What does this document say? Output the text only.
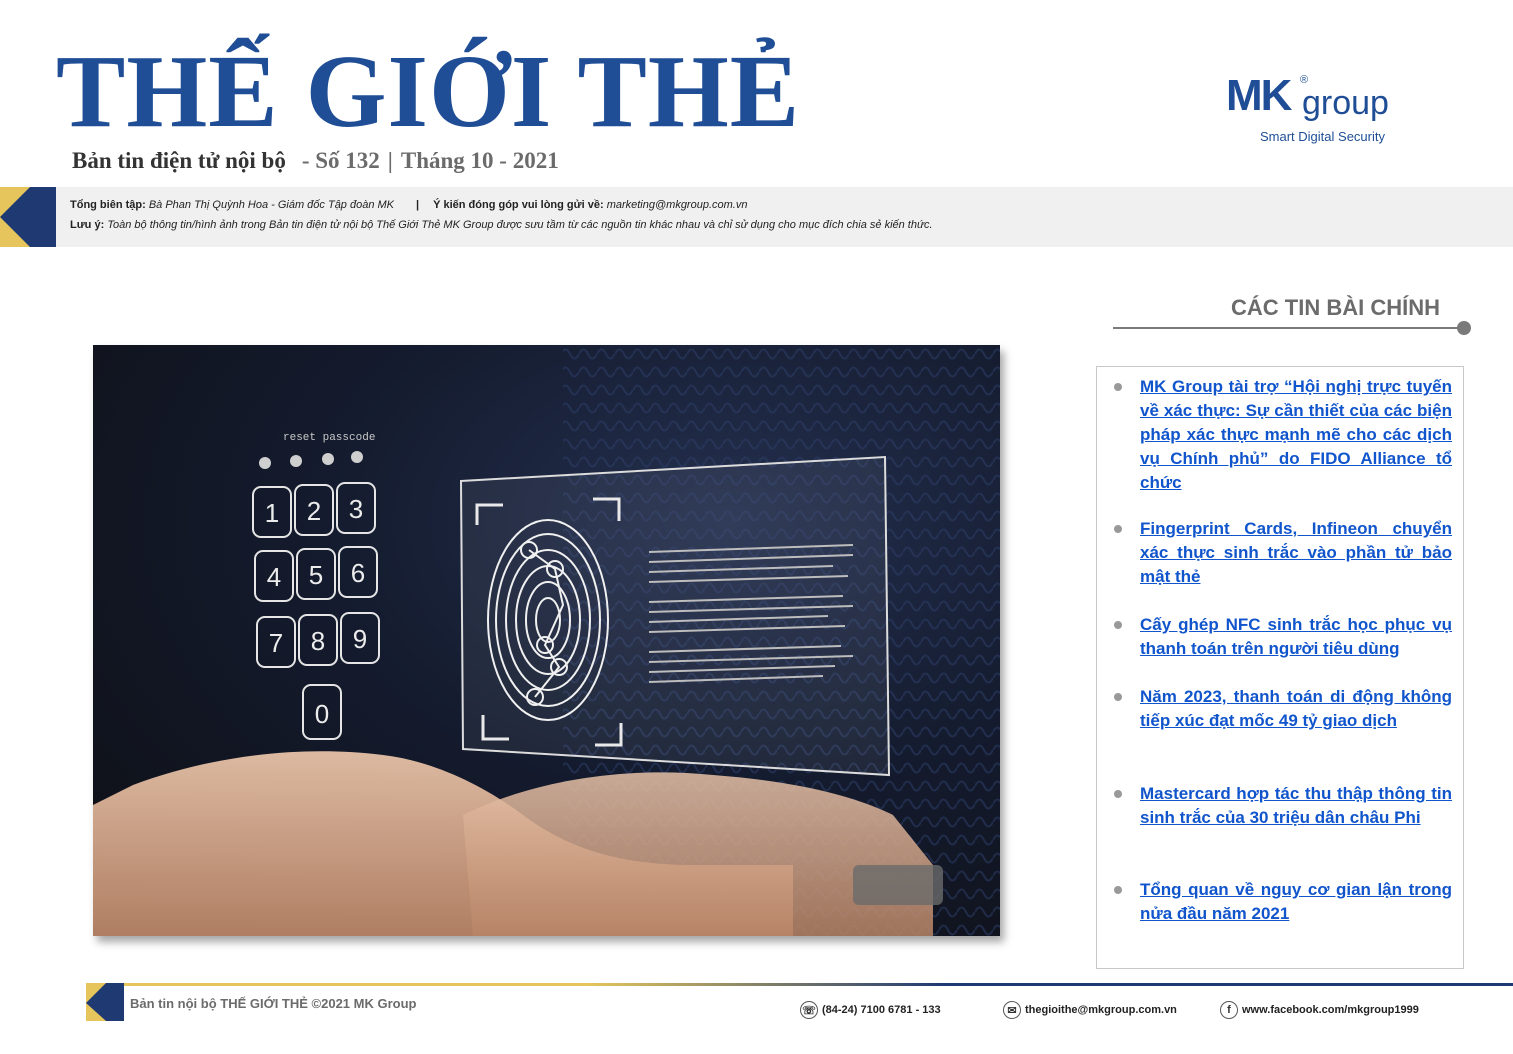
THẾ GIỚI THẺ
Bản tin điện tử nội bộ - Số 132 | Tháng 10 - 2021
MK ®
group
Smart Digital Security
Tổng biên tập: Bà Phan Thị Quỳnh Hoa - Giám đốc Tập đoàn MK | Ý kiến đóng góp vui lòng gửi về: marketing@mkgroup.com.vn
Lưu ý: Toàn bộ thông tin/hình ảnh trong Bản tin điện tử nội bộ Thế Giới Thẻ MK Group được sưu tầm từ các nguồn tin khác nhau và chỉ sử dụng cho mục đích chia sẻ kiến thức.
reset passcode
1 2 3
4 5 6
7 8 9
0
CÁC TIN BÀI CHÍNH
MK Group tài trợ “Hội nghị trực tuyến về xác thực: Sự cần thiết của các biện pháp xác thực mạnh mẽ cho các dịch vụ Chính phủ” do FIDO Alliance tổ chức
Fingerprint Cards, Infineon chuyển xác thực sinh trắc vào phần tử bảo mật thẻ
Cấy ghép NFC sinh trắc học phục vụ thanh toán trên người tiêu dùng
Năm 2023, thanh toán di động không tiếp xúc đạt mốc 49 tỷ giao dịch
Mastercard hợp tác thu thập thông tin sinh trắc của 30 triệu dân châu Phi
Tổng quan về nguy cơ gian lận trong nửa đầu năm 2021
Bản tin nội bộ THẾ GIỚI THẺ ©2021 MK Group	☏ (84-24) 7100 6781 - 133	✉ thegioithe@mkgroup.com.vn	f	www.facebook.com/mkgroup1999
